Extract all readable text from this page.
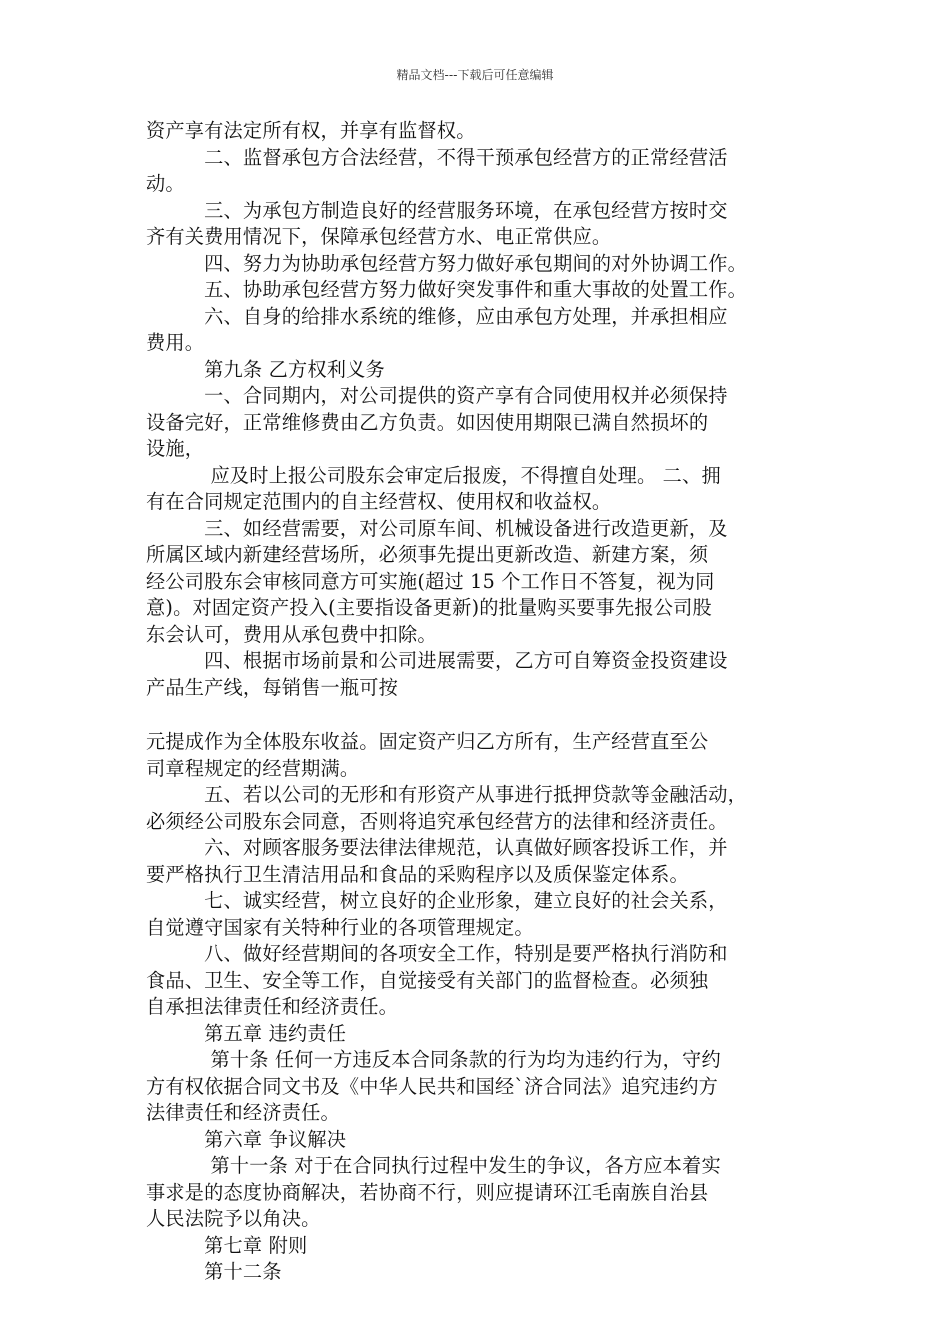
精品文档---下载后可任意编辑
资产享有法定所有权，并享有监督权。
　　　二、监督承包方合法经营，不得干预承包经营方的正常经营活
动。
　　　三、为承包方制造良好的经营服务环境，在承包经营方按时交
齐有关费用情况下，保障承包经营方水、电正常供应。
　　　四、努力为协助承包经营方努力做好承包期间的对外协调工作。
　　　五、协助承包经营方努力做好突发事件和重大事故的处置工作。
　　　六、自身的给排水系统的维修，应由承包方处理，并承担相应
费用。
　　　第九条 乙方权利义务
　　　一、合同期内，对公司提供的资产享有合同使用权并必须保持
设备完好，正常维修费由乙方负责。如因使用期限已满自然损坏的
设施，
　　　 应及时上报公司股东会审定后报废，不得擅自处理。 二、拥
有在合同规定范围内的自主经营权、使用权和收益权。
　　　三、如经营需要，对公司原车间、机械设备进行改造更新，及
所属区域内新建经营场所，必须事先提出更新改造、新建方案，须
经公司股东会审核同意方可实施(超过 15 个工作日不答复，视为同
意)。对固定资产投入(主要指设备更新)的批量购买要事先报公司股
东会认可，费用从承包费中扣除。
　　　四、根据市场前景和公司进展需要，乙方可自筹资金投资建设
产品生产线，每销售一瓶可按
元提成作为全体股东收益。固定资产归乙方所有，生产经营直至公
司章程规定的经营期满。
　　　五、若以公司的无形和有形资产从事进行抵押贷款等金融活动，
必须经公司股东会同意，否则将追究承包经营方的法律和经济责任。
　　　六、对顾客服务要法律法律规范，认真做好顾客投诉工作，并
要严格执行卫生清洁用品和食品的采购程序以及质保鉴定体系。
　　　七、诚实经营，树立良好的企业形象，建立良好的社会关系，
自觉遵守国家有关特种行业的各项管理规定。
　　　八、做好经营期间的各项安全工作，特别是要严格执行消防和
食品、卫生、安全等工作，自觉接受有关部门的监督检查。必须独
自承担法律责任和经济责任。
　　　第五章 违约责任
　　　 第十条 任何一方违反本合同条款的行为均为违约行为，守约
方有权依据合同文书及《中华人民共和国经`济合同法》追究违约方
法律责任和经济责任。
　　　第六章 争议解决
　　　 第十一条 对于在合同执行过程中发生的争议，各方应本着实
事求是的态度协商解决，若协商不行，则应提请环江毛南族自治县
人民法院予以角决。
　　　第七章 附则
　　　第十二条
